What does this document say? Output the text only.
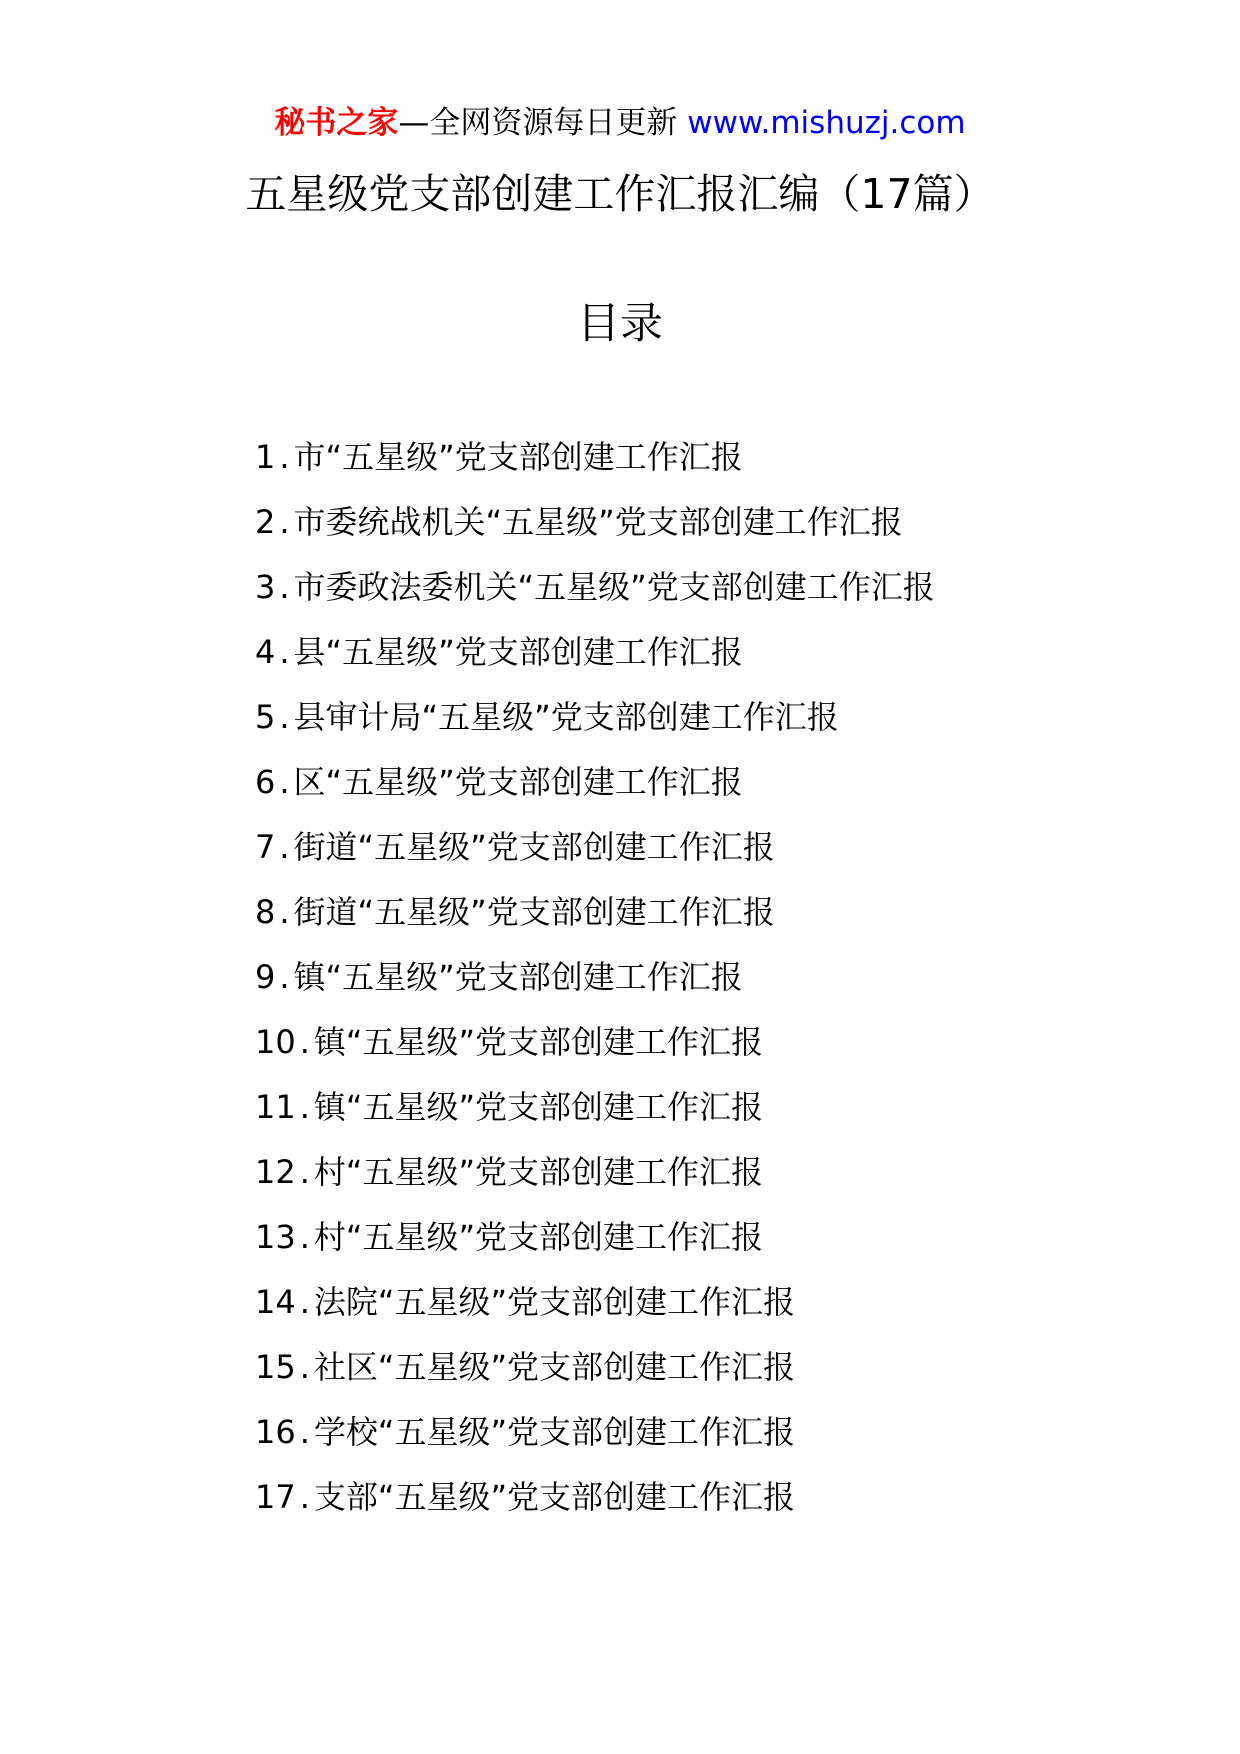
秘书之家—全网资源每日更新 www.mishuzj.com
五星级党支部创建工作汇报汇编（17篇）
目录
1 . 市“五星级”党支部创建工作汇报
2 . 市委统战机关“五星级”党支部创建工作汇报
3 . 市委政法委机关“五星级”党支部创建工作汇报
4 . 县“五星级”党支部创建工作汇报
5 . 县审计局“五星级”党支部创建工作汇报
6 . 区“五星级”党支部创建工作汇报
7 . 街道“五星级”党支部创建工作汇报
8 . 街道“五星级”党支部创建工作汇报
9 . 镇“五星级”党支部创建工作汇报
10 . 镇“五星级”党支部创建工作汇报
11 . 镇“五星级”党支部创建工作汇报
12 . 村“五星级”党支部创建工作汇报
13 . 村“五星级”党支部创建工作汇报
14 . 法院“五星级”党支部创建工作汇报
15 . 社区“五星级”党支部创建工作汇报
16 . 学校“五星级”党支部创建工作汇报
17 . 支部“五星级”党支部创建工作汇报
